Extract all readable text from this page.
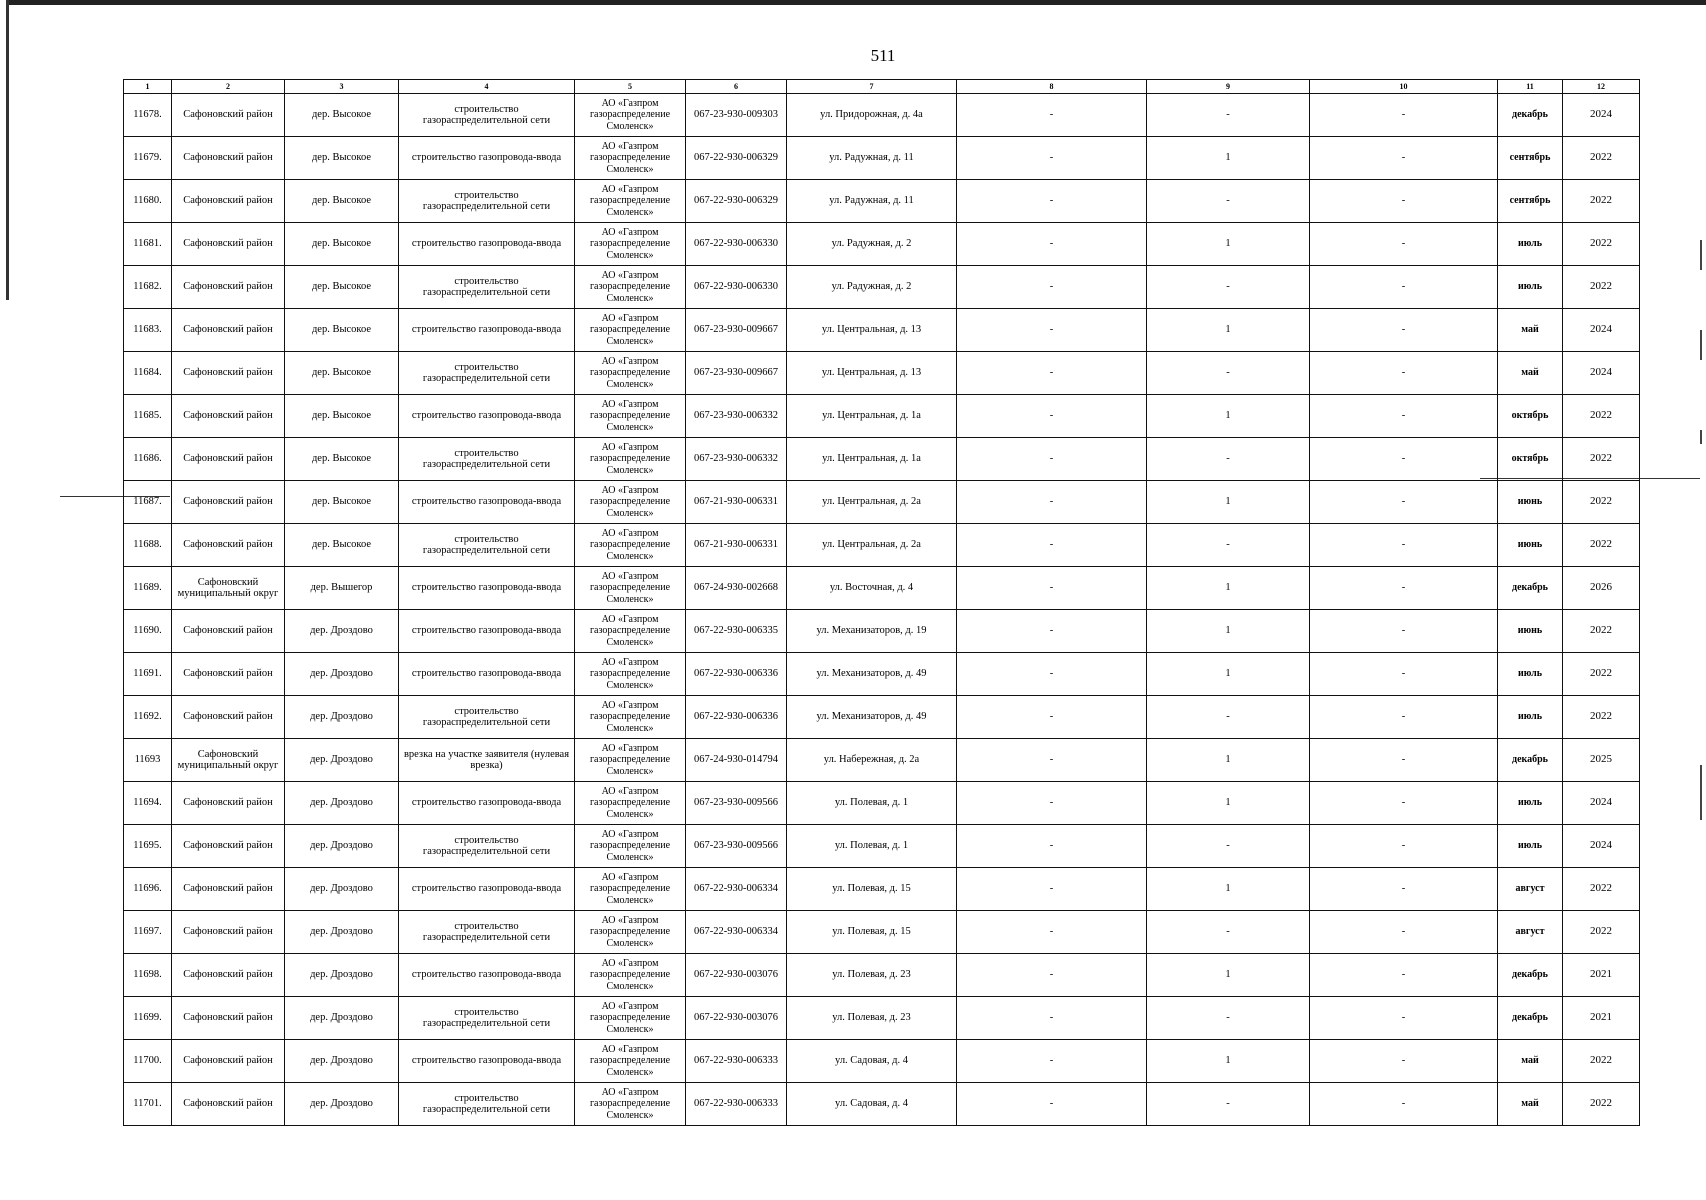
511
1	2	3	4	5	6	7	8	9	10	11	12
11678.	Сафоновский район	дер. Высокое	строительство газораспределительной сети	АО «Газпром газораспределение Смоленск»	067-23-930-009303	ул. Придорожная, д. 4а	-	-	-	декабрь	2024
11679.	Сафоновский район	дер. Высокое	строительство газопровода-ввода	АО «Газпром газораспределение Смоленск»	067-22-930-006329	ул. Радужная, д. 11	-	1	-	сентябрь	2022
11680.	Сафоновский район	дер. Высокое	строительство газораспределительной сети	АО «Газпром газораспределение Смоленск»	067-22-930-006329	ул. Радужная, д. 11	-	-	-	сентябрь	2022
11681.	Сафоновский район	дер. Высокое	строительство газопровода-ввода	АО «Газпром газораспределение Смоленск»	067-22-930-006330	ул. Радужная, д. 2	-	1	-	июль	2022
11682.	Сафоновский район	дер. Высокое	строительство газораспределительной сети	АО «Газпром газораспределение Смоленск»	067-22-930-006330	ул. Радужная, д. 2	-	-	-	июль	2022
11683.	Сафоновский район	дер. Высокое	строительство газопровода-ввода	АО «Газпром газораспределение Смоленск»	067-23-930-009667	ул. Центральная, д. 13	-	1	-	май	2024
11684.	Сафоновский район	дер. Высокое	строительство газораспределительной сети	АО «Газпром газораспределение Смоленск»	067-23-930-009667	ул. Центральная, д. 13	-	-	-	май	2024
11685.	Сафоновский район	дер. Высокое	строительство газопровода-ввода	АО «Газпром газораспределение Смоленск»	067-23-930-006332	ул. Центральная, д. 1а	-	1	-	октябрь	2022
11686.	Сафоновский район	дер. Высокое	строительство газораспределительной сети	АО «Газпром газораспределение Смоленск»	067-23-930-006332	ул. Центральная, д. 1а	-	-	-	октябрь	2022
11687.	Сафоновский район	дер. Высокое	строительство газопровода-ввода	АО «Газпром газораспределение Смоленск»	067-21-930-006331	ул. Центральная, д. 2а	-	1	-	июнь	2022
11688.	Сафоновский район	дер. Высокое	строительство газораспределительной сети	АО «Газпром газораспределение Смоленск»	067-21-930-006331	ул. Центральная, д. 2а	-	-	-	июнь	2022
11689.	Сафоновский муниципальный округ	дер. Вышегор	строительство газопровода-ввода	АО «Газпром газораспределение Смоленск»	067-24-930-002668	ул. Восточная, д. 4	-	1	-	декабрь	2026
11690.	Сафоновский район	дер. Дроздово	строительство газопровода-ввода	АО «Газпром газораспределение Смоленск»	067-22-930-006335	ул. Механизаторов, д. 19	-	1	-	июнь	2022
11691.	Сафоновский район	дер. Дроздово	строительство газопровода-ввода	АО «Газпром газораспределение Смоленск»	067-22-930-006336	ул. Механизаторов, д. 49	-	1	-	июль	2022
11692.	Сафоновский район	дер. Дроздово	строительство газораспределительной сети	АО «Газпром газораспределение Смоленск»	067-22-930-006336	ул. Механизаторов, д. 49	-	-	-	июль	2022
11693	Сафоновский муниципальный округ	дер. Дроздово	врезка на участке заявителя (нулевая врезка)	АО «Газпром газораспределение Смоленск»	067-24-930-014794	ул. Набережная, д. 2а	-	1	-	декабрь	2025
11694.	Сафоновский район	дер. Дроздово	строительство газопровода-ввода	АО «Газпром газораспределение Смоленск»	067-23-930-009566	ул. Полевая, д. 1	-	1	-	июль	2024
11695.	Сафоновский район	дер. Дроздово	строительство газораспределительной сети	АО «Газпром газораспределение Смоленск»	067-23-930-009566	ул. Полевая, д. 1	-	-	-	июль	2024
11696.	Сафоновский район	дер. Дроздово	строительство газопровода-ввода	АО «Газпром газораспределение Смоленск»	067-22-930-006334	ул. Полевая, д. 15	-	1	-	август	2022
11697.	Сафоновский район	дер. Дроздово	строительство газораспределительной сети	АО «Газпром газораспределение Смоленск»	067-22-930-006334	ул. Полевая, д. 15	-	-	-	август	2022
11698.	Сафоновский район	дер. Дроздово	строительство газопровода-ввода	АО «Газпром газораспределение Смоленск»	067-22-930-003076	ул. Полевая, д. 23	-	1	-	декабрь	2021
11699.	Сафоновский район	дер. Дроздово	строительство газораспределительной сети	АО «Газпром газораспределение Смоленск»	067-22-930-003076	ул. Полевая, д. 23	-	-	-	декабрь	2021
11700.	Сафоновский район	дер. Дроздово	строительство газопровода-ввода	АО «Газпром газораспределение Смоленск»	067-22-930-006333	ул. Садовая, д. 4	-	1	-	май	2022
11701.	Сафоновский район	дер. Дроздово	строительство газораспределительной сети	АО «Газпром газораспределение Смоленск»	067-22-930-006333	ул. Садовая, д. 4	-	-	-	май	2022
